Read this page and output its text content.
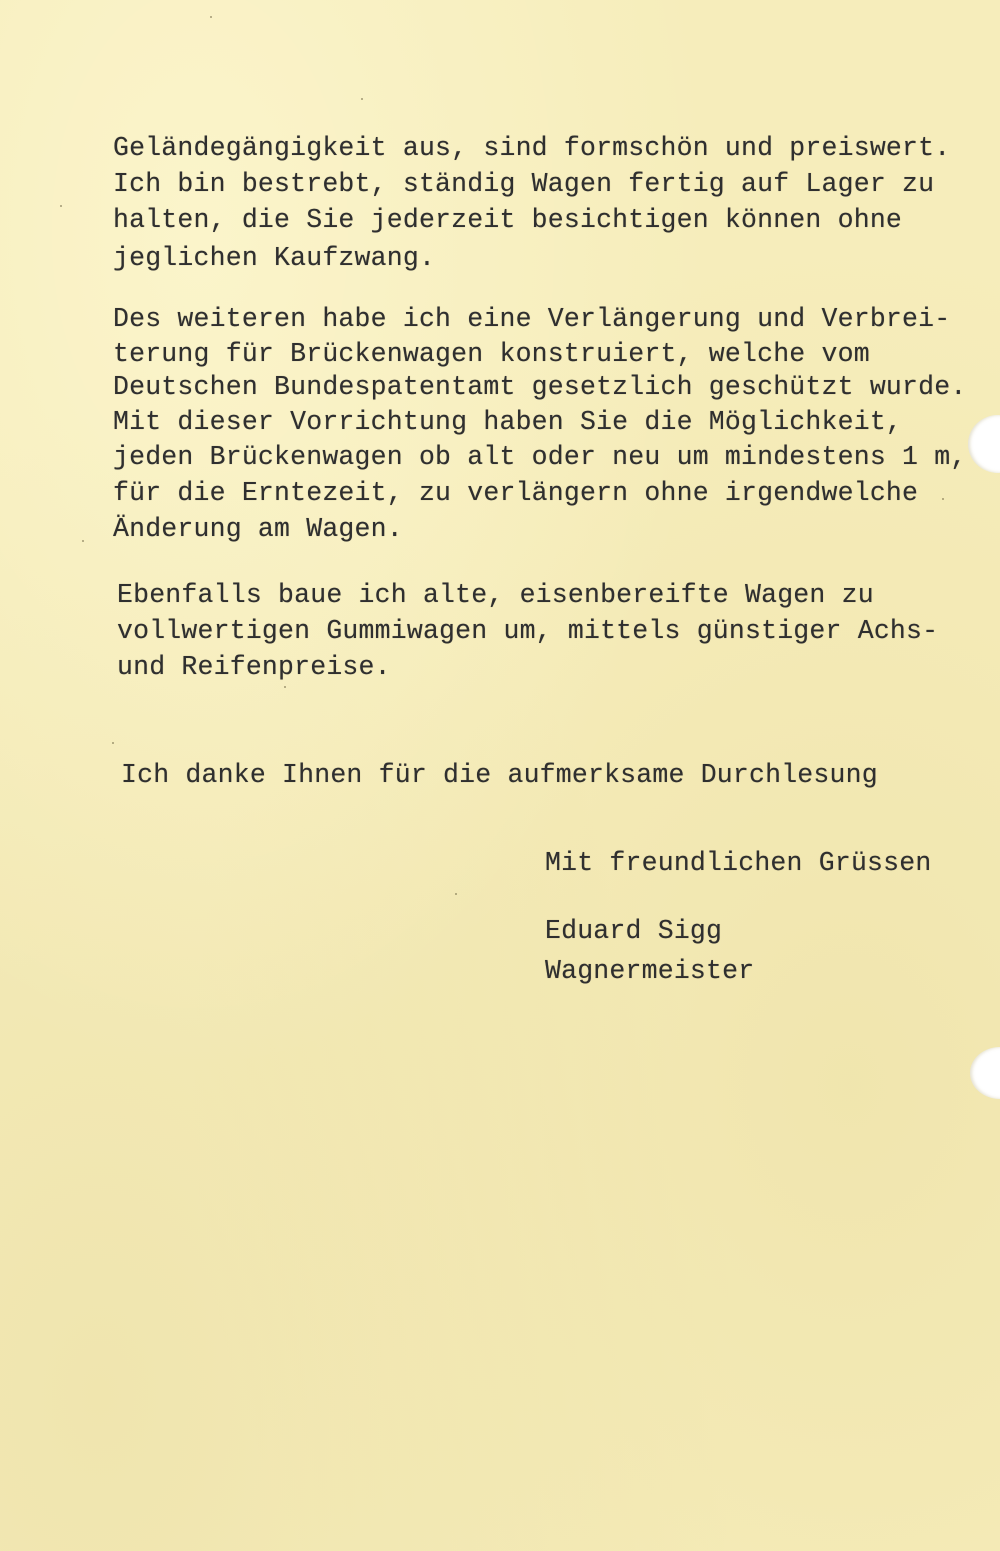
Geländegängigkeit aus, sind formschön und preiswert.

Ich bin bestrebt, ständig Wagen fertig auf Lager zu

halten, die Sie jederzeit besichtigen können ohne

jeglichen Kaufzwang.

Des weiteren habe ich eine Verlängerung und Verbrei-

terung für Brückenwagen konstruiert, welche vom

Deutschen Bundespatentamt gesetzlich geschützt wurde.

Mit dieser Vorrichtung haben Sie die Möglichkeit,

jeden Brückenwagen ob alt oder neu um mindestens 1 m,

für die Erntezeit, zu verlängern ohne irgendwelche

Änderung am Wagen.

Ebenfalls baue ich alte, eisenbereifte Wagen zu

vollwertigen Gummiwagen um, mittels günstiger Achs-

und Reifenpreise.

Ich danke Ihnen für die aufmerksame Durchlesung

Mit freundlichen Grüssen

Eduard Sigg

Wagnermeister
